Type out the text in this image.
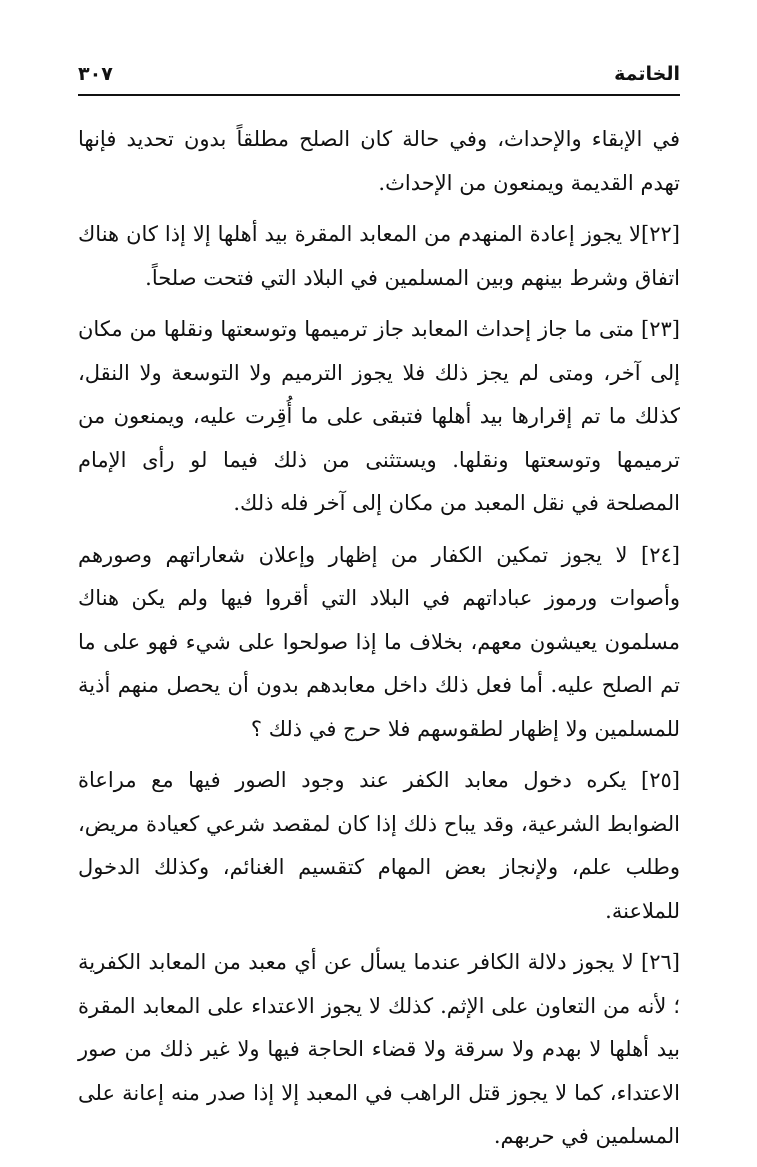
الخاتمة
٣٠٧

في الإبقاء والإحداث، وفي حالة كان الصلح مطلقاً بدون تحديد فإنها تهدم القديمة ويمنعون من الإحداث.

[٢٢]لا يجوز إعادة المنهدم من المعابد المقرة بيد أهلها إلا إذا كان هناك اتفاق وشرط بينهم وبين المسلمين في البلاد التي فتحت صلحاً.

[٢٣] متى ما جاز إحداث المعابد جاز ترميمها وتوسعتها ونقلها من مكان إلى آخر، ومتى لم يجز ذلك فلا يجوز الترميم ولا التوسعة ولا النقل، كذلك ما تم إقرارها بيد أهلها فتبقى على ما أُقِرت عليه، ويمنعون من ترميمها وتوسعتها ونقلها. ويستثنى من ذلك فيما لو رأى الإمام المصلحة في نقل المعبد من مكان إلى آخر فله ذلك.

[٢٤] لا يجوز تمكين الكفار من إظهار وإعلان شعاراتهم وصورهم وأصوات ورموز عباداتهم في البلاد التي أقروا فيها ولم يكن هناك مسلمون يعيشون معهم، بخلاف ما إذا صولحوا على شيء فهو على ما تم الصلح عليه. أما فعل ذلك داخل معابدهم بدون أن يحصل منهم أذية للمسلمين ولا إظهار لطقوسهم فلا حرج في ذلك ؟

[٢٥] يكره دخول معابد الكفر عند وجود الصور فيها مع مراعاة الضوابط الشرعية، وقد يباح ذلك إذا كان لمقصد شرعي كعيادة مريض، وطلب علم، ولإنجاز بعض المهام كتقسيم الغنائم، وكذلك الدخول للملاعنة.

[٢٦] لا يجوز دلالة الكافر عندما يسأل عن أي معبد من المعابد الكفرية ؛ لأنه من التعاون على الإثم. كذلك لا يجوز الاعتداء على المعابد المقرة بيد أهلها لا بهدم ولا سرقة ولا قضاء الحاجة فيها ولا غير ذلك من صور الاعتداء، كما لا يجوز قتل الراهب في المعبد إلا إذا صدر منه إعانة على المسلمين في حربهم.
